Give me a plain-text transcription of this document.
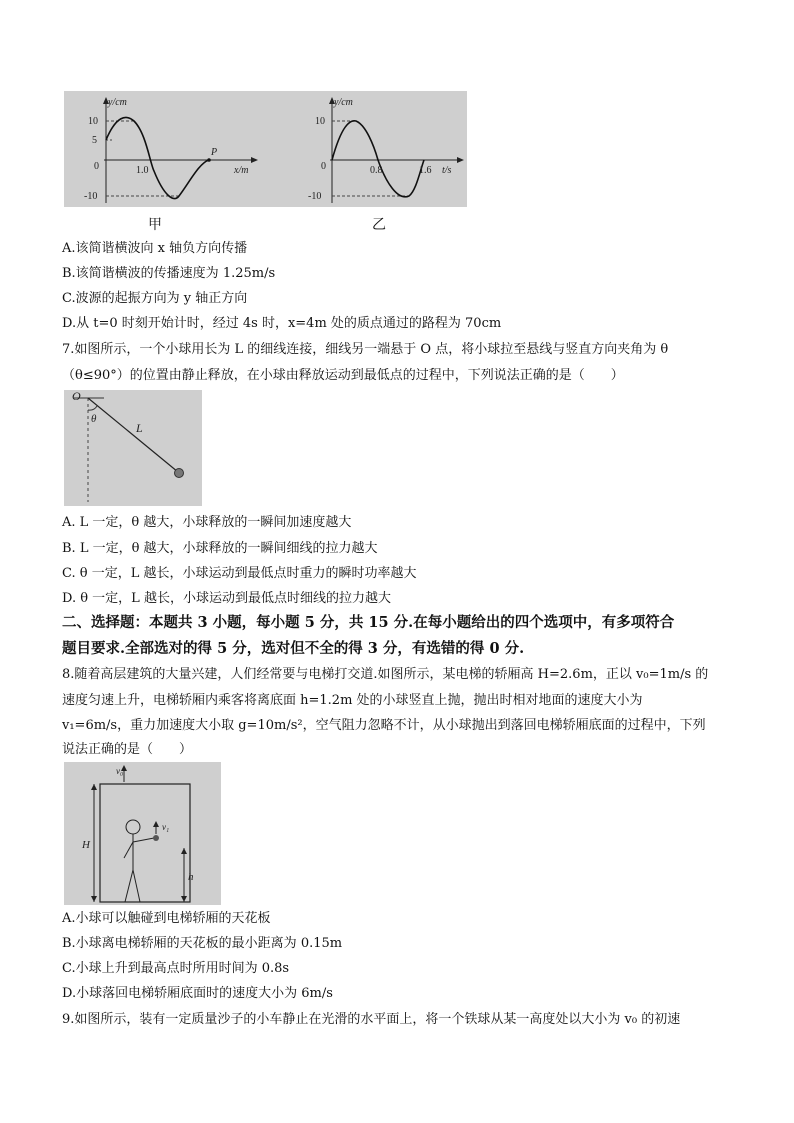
y/cm
x/m
10
5
0
-10
1.0
P
y/cm
t/s
10
0
-10
0.8	1.6
甲	乙
A.该简谐横波向 x 轴负方向传播
B.该简谐横波的传播速度为 1.25m/s
C.波源的起振方向为 y 轴正方向
D.从 t=0 时刻开始计时，经过 4s 时，x=4m 处的质点通过的路程为 70cm
7.如图所示，一个小球用长为 L 的细线连接，细线另一端悬于 O 点，将小球拉至悬线与竖直方向夹角为 θ
（θ≤90°）的位置由静止释放，在小球由释放运动到最低点的过程中，下列说法正确的是（　　）
O
θ
L
A. L 一定，θ 越大，小球释放的一瞬间加速度越大
B. L 一定，θ 越大，小球释放的一瞬间细线的拉力越大
C. θ 一定，L 越长，小球运动到最低点时重力的瞬时功率越大
D. θ 一定，L 越长，小球运动到最低点时细线的拉力越大
二、选择题：本题共 3 小题，每小题 5 分，共 15 分.在每小题给出的四个选项中，有多项符合
题目要求.全部选对的得 5 分，选对但不全的得 3 分，有选错的得 0 分.
8.随着高层建筑的大量兴建，人们经常要与电梯打交道.如图所示，某电梯的轿厢高 H=2.6m，正以 v₀=1m/s 的
速度匀速上升，电梯轿厢内乘客将离底面 h=1.2m 处的小球竖直上抛，抛出时相对地面的速度大小为
v₁=6m/s，重力加速度大小取 g=10m/s²，空气阻力忽略不计，从小球抛出到落回电梯轿厢底面的过程中，下列
说法正确的是（　　）
v₀
H
v₁
h
A.小球可以触碰到电梯轿厢的天花板
B.小球离电梯轿厢的天花板的最小距离为 0.15m
C.小球上升到最高点时所用时间为 0.8s
D.小球落回电梯轿厢底面时的速度大小为 6m/s
9.如图所示，装有一定质量沙子的小车静止在光滑的水平面上，将一个铁球从某一高度处以大小为 v₀ 的初速
